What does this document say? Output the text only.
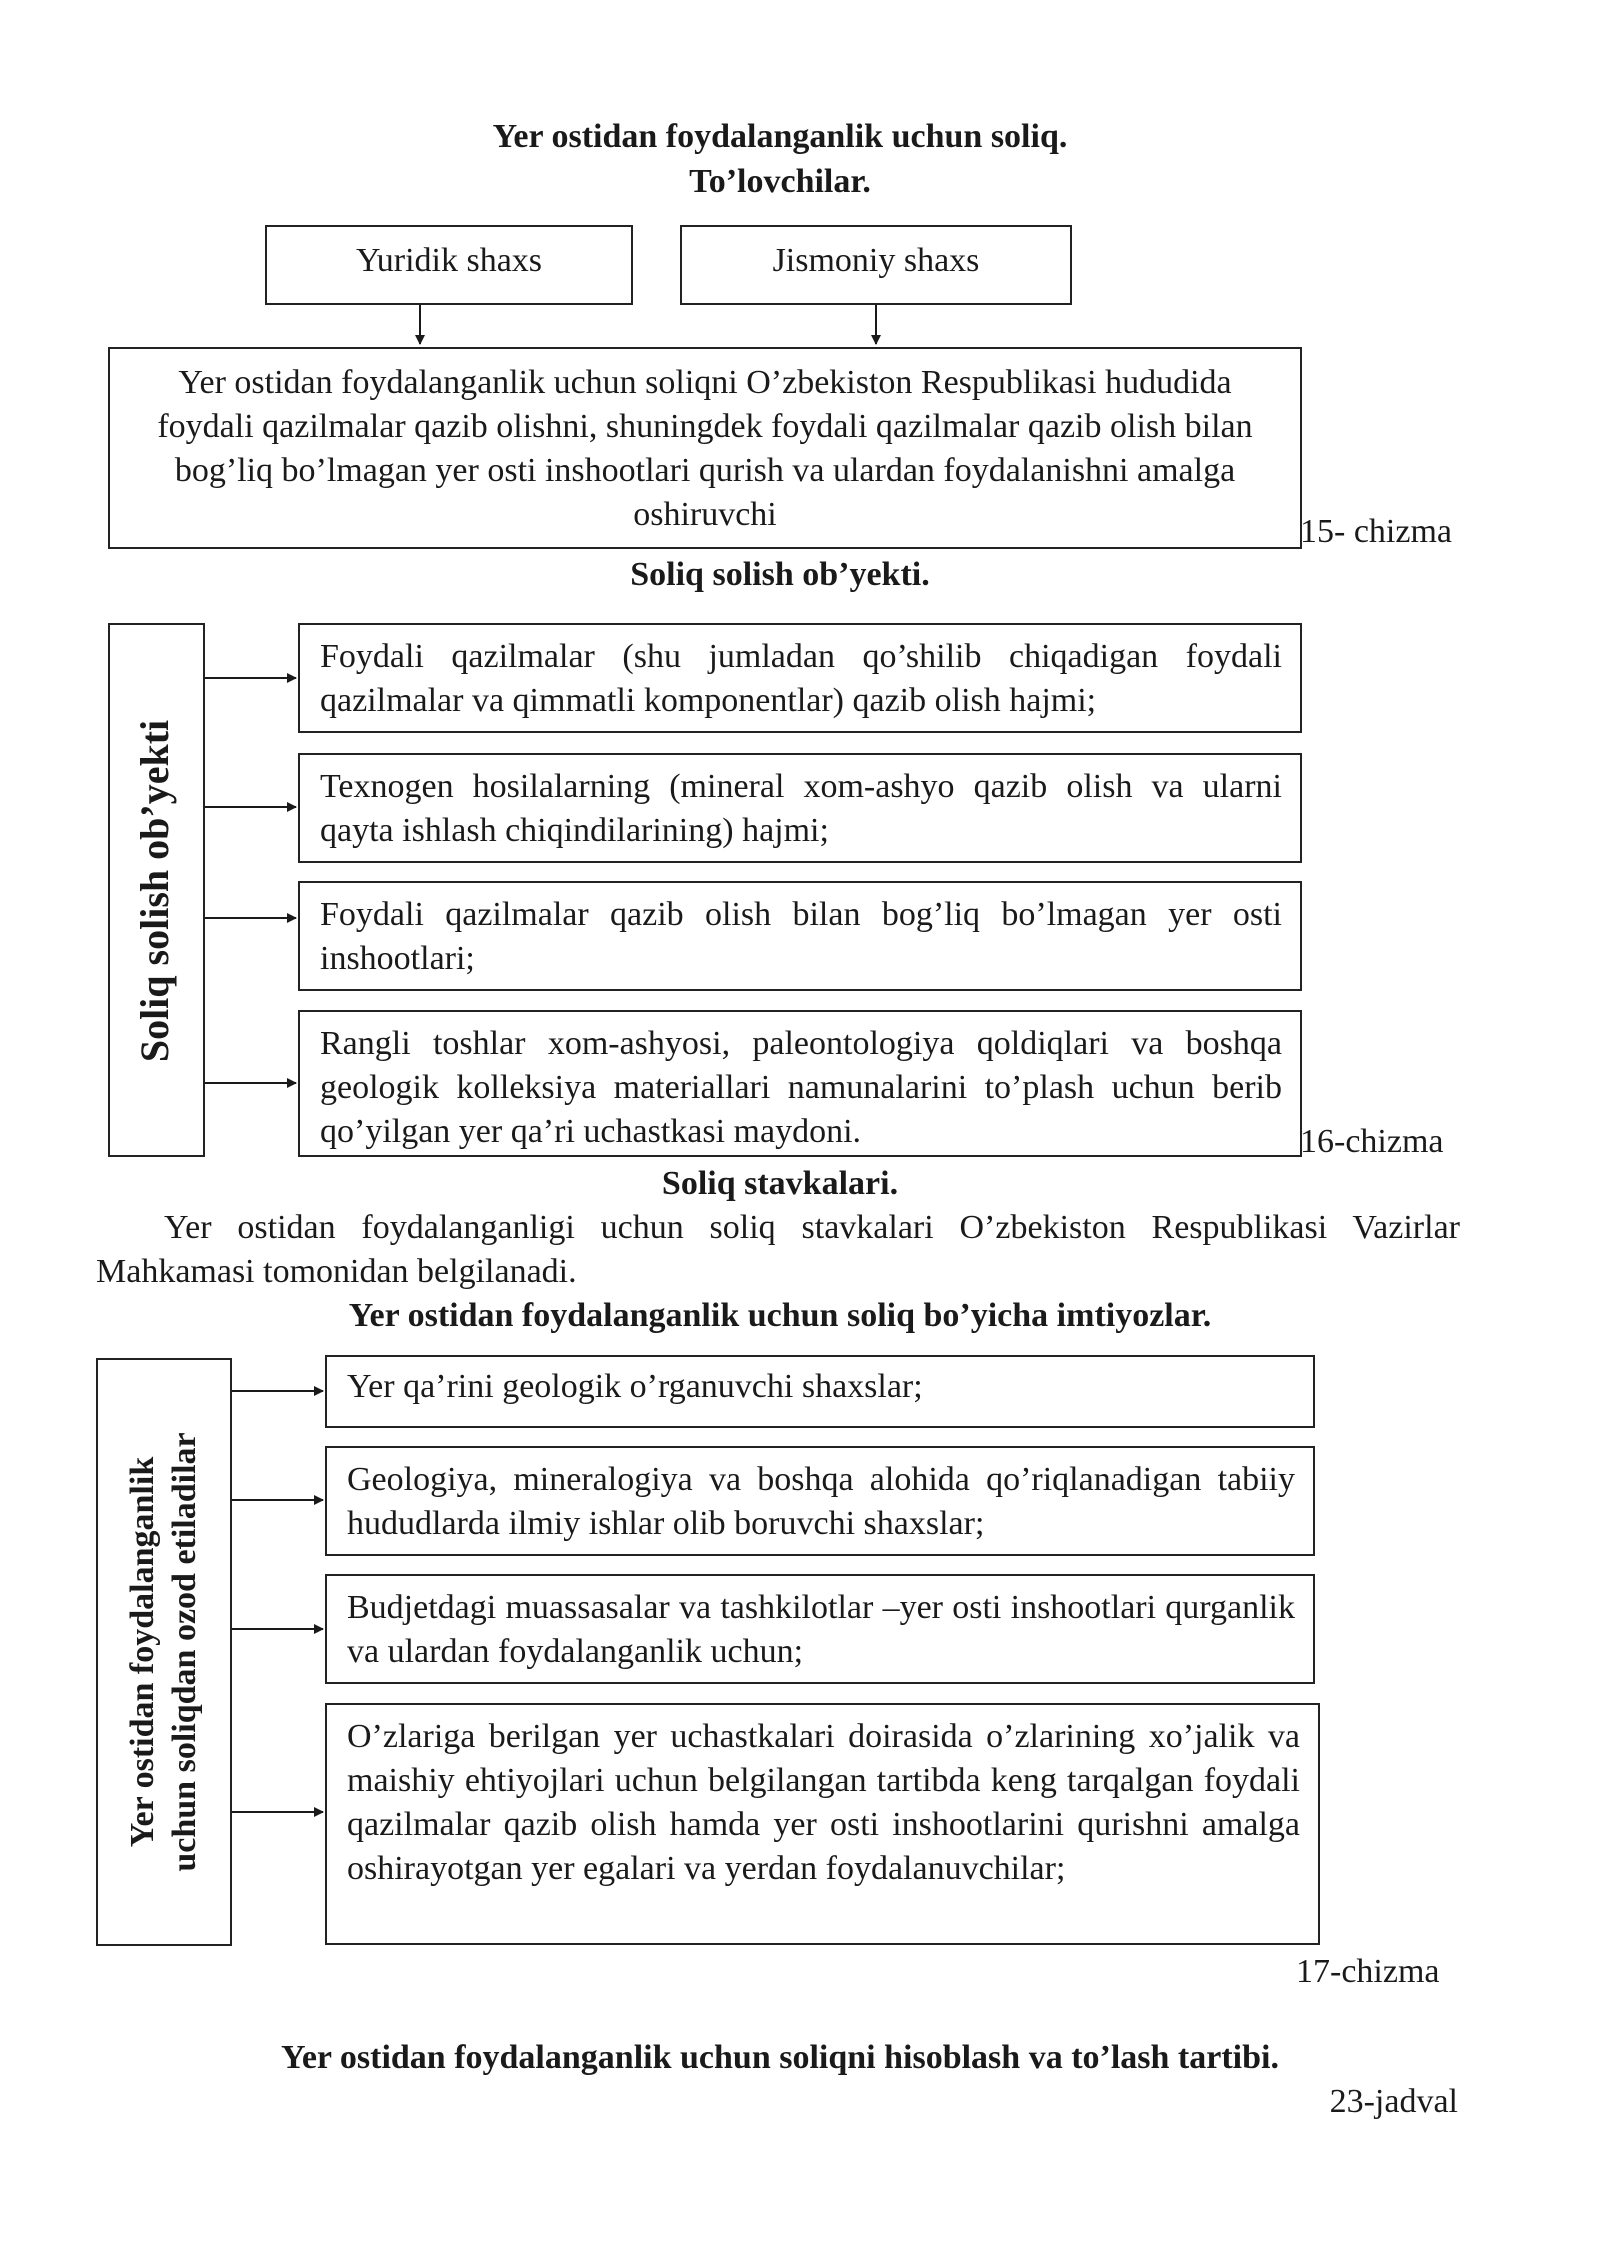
Yer ostidan foydalanganlik uchun soliq.
To’lovchilar.
Yuridik shaxs	Jismoniy shaxs
Yer ostidan foydalanganlik uchun soliqni O’zbekiston Respublikasi hududida foydali qazilmalar qazib olishni, shuningdek foydali qazilmalar qazib olish bilan bog’liq bo’lmagan yer osti inshootlari qurish va ulardan foydalanishni amalga oshiruvchi	15- chizma
Soliq solish ob’yekti.
Soliq solish ob’yekti
Foydali qazilmalar (shu jumladan qo’shilib chiqadigan foydali qazilmalar va qimmatli komponentlar) qazib olish hajmi;
Texnogen hosilalarning (mineral xom-ashyo qazib olish va ularni qayta ishlash chiqindilarining) hajmi;
Foydali qazilmalar qazib olish bilan bog’liq bo’lmagan yer osti inshootlari;
Rangli toshlar xom-ashyosi, paleontologiya qoldiqlari va boshqa geologik kolleksiya materiallari namunalarini to’plash uchun berib qo’yilgan yer qa’ri uchastkasi maydoni.	16-chizma
Soliq stavkalari.
Yer ostidan foydalanganligi uchun soliq stavkalari O’zbekiston Respublikasi Vazirlar Mahkamasi tomonidan belgilanadi.
Yer ostidan foydalanganlik uchun soliq bo’yicha imtiyozlar.
Yer ostidan foydalanganlik uchun soliqdan ozod etiladilar
Yer qa’rini geologik o’rganuvchi shaxslar;
Geologiya, mineralogiya va boshqa alohida qo’riqlanadigan tabiiy hududlarda ilmiy ishlar olib boruvchi shaxslar;
Budjetdagi muassasalar va tashkilotlar –yer osti inshootlari qurganlik va ulardan foydalanganlik uchun;
O’zlariga berilgan yer uchastkalari doirasida o’zlarining xo’jalik va maishiy ehtiyojlari uchun belgilangan tartibda keng tarqalgan foydali qazilmalar qazib olish hamda yer osti inshootlarini qurishni amalga oshirayotgan yer egalari va yerdan foydalanuvchilar;
17-chizma
Yer ostidan foydalanganlik uchun soliqni hisoblash va to’lash tartibi.
23-jadval
